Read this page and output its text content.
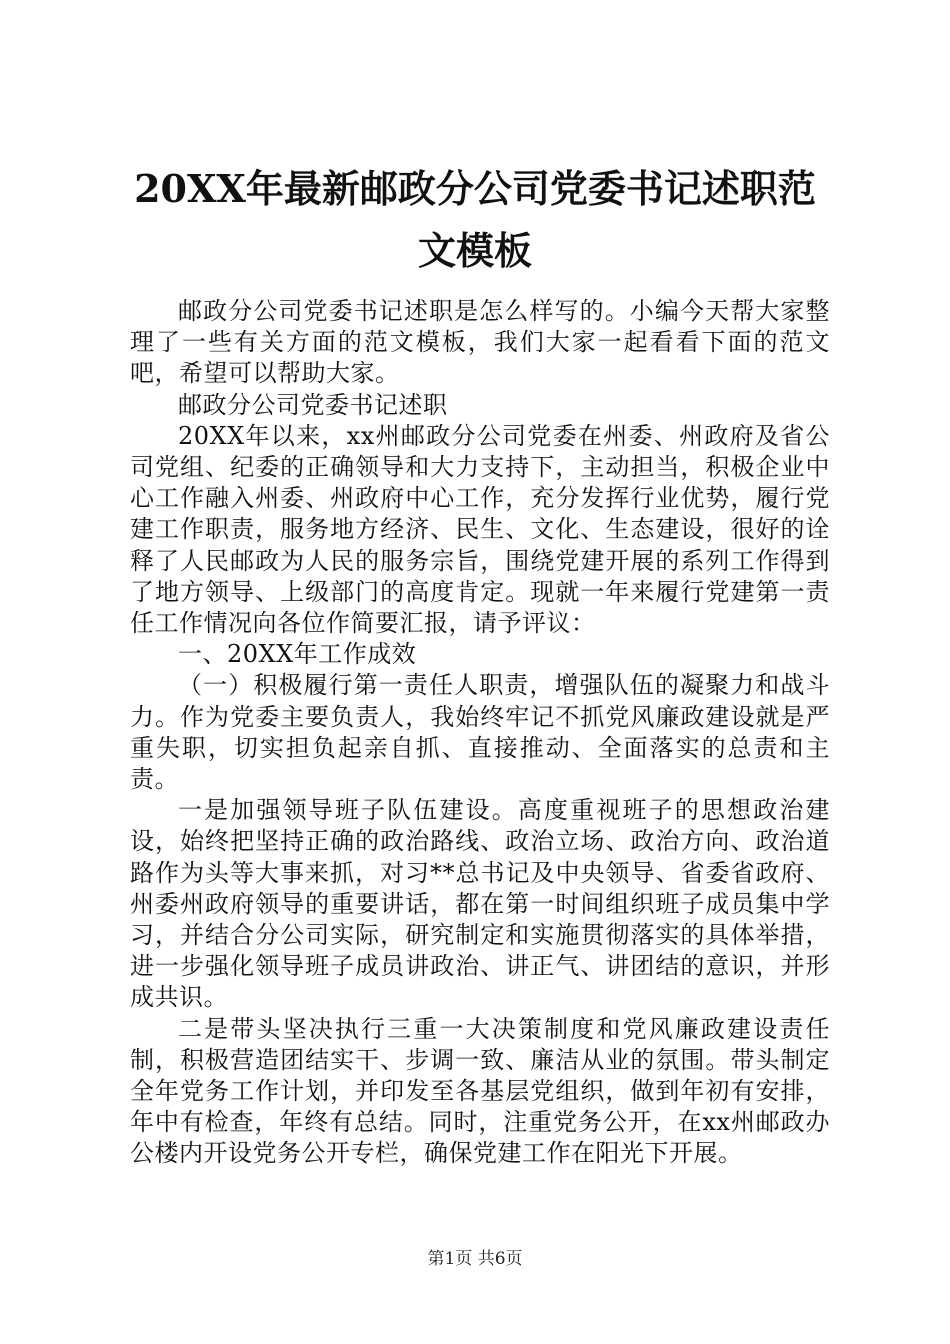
20XX年最新邮政分公司党委书记述职范文模板

邮政分公司党委书记述职是怎么样写的。小编今天帮大家整理了一些有关方面的范文模板，我们大家一起看看下面的范文吧，希望可以帮助大家。

邮政分公司党委书记述职

20XX年以来，xx州邮政分公司党委在州委、州政府及省公司党组、纪委的正确领导和大力支持下，主动担当，积极企业中心工作融入州委、州政府中心工作，充分发挥行业优势，履行党建工作职责，服务地方经济、民生、文化、生态建设，很好的诠释了人民邮政为人民的服务宗旨，围绕党建开展的系列工作得到了地方领导、上级部门的高度肯定。现就一年来履行党建第一责任工作情况向各位作简要汇报，请予评议：

一、20XX年工作成效

（一）积极履行第一责任人职责，增强队伍的凝聚力和战斗力。作为党委主要负责人，我始终牢记不抓党风廉政建设就是严重失职，切实担负起亲自抓、直接推动、全面落实的总责和主责。

一是加强领导班子队伍建设。高度重视班子的思想政治建设，始终把坚持正确的政治路线、政治立场、政治方向、政治道路作为头等大事来抓，对习**总书记及中央领导、省委省政府、州委州政府领导的重要讲话，都在第一时间组织班子成员集中学习，并结合分公司实际，研究制定和实施贯彻落实的具体举措，进一步强化领导班子成员讲政治、讲正气、讲团结的意识，并形成共识。

二是带头坚决执行三重一大决策制度和党风廉政建设责任制，积极营造团结实干、步调一致、廉洁从业的氛围。带头制定全年党务工作计划，并印发至各基层党组织，做到年初有安排，年中有检查，年终有总结。同时，注重党务公开，在xx州邮政办公楼内开设党务公开专栏，确保党建工作在阳光下开展。

第1页 共6页
